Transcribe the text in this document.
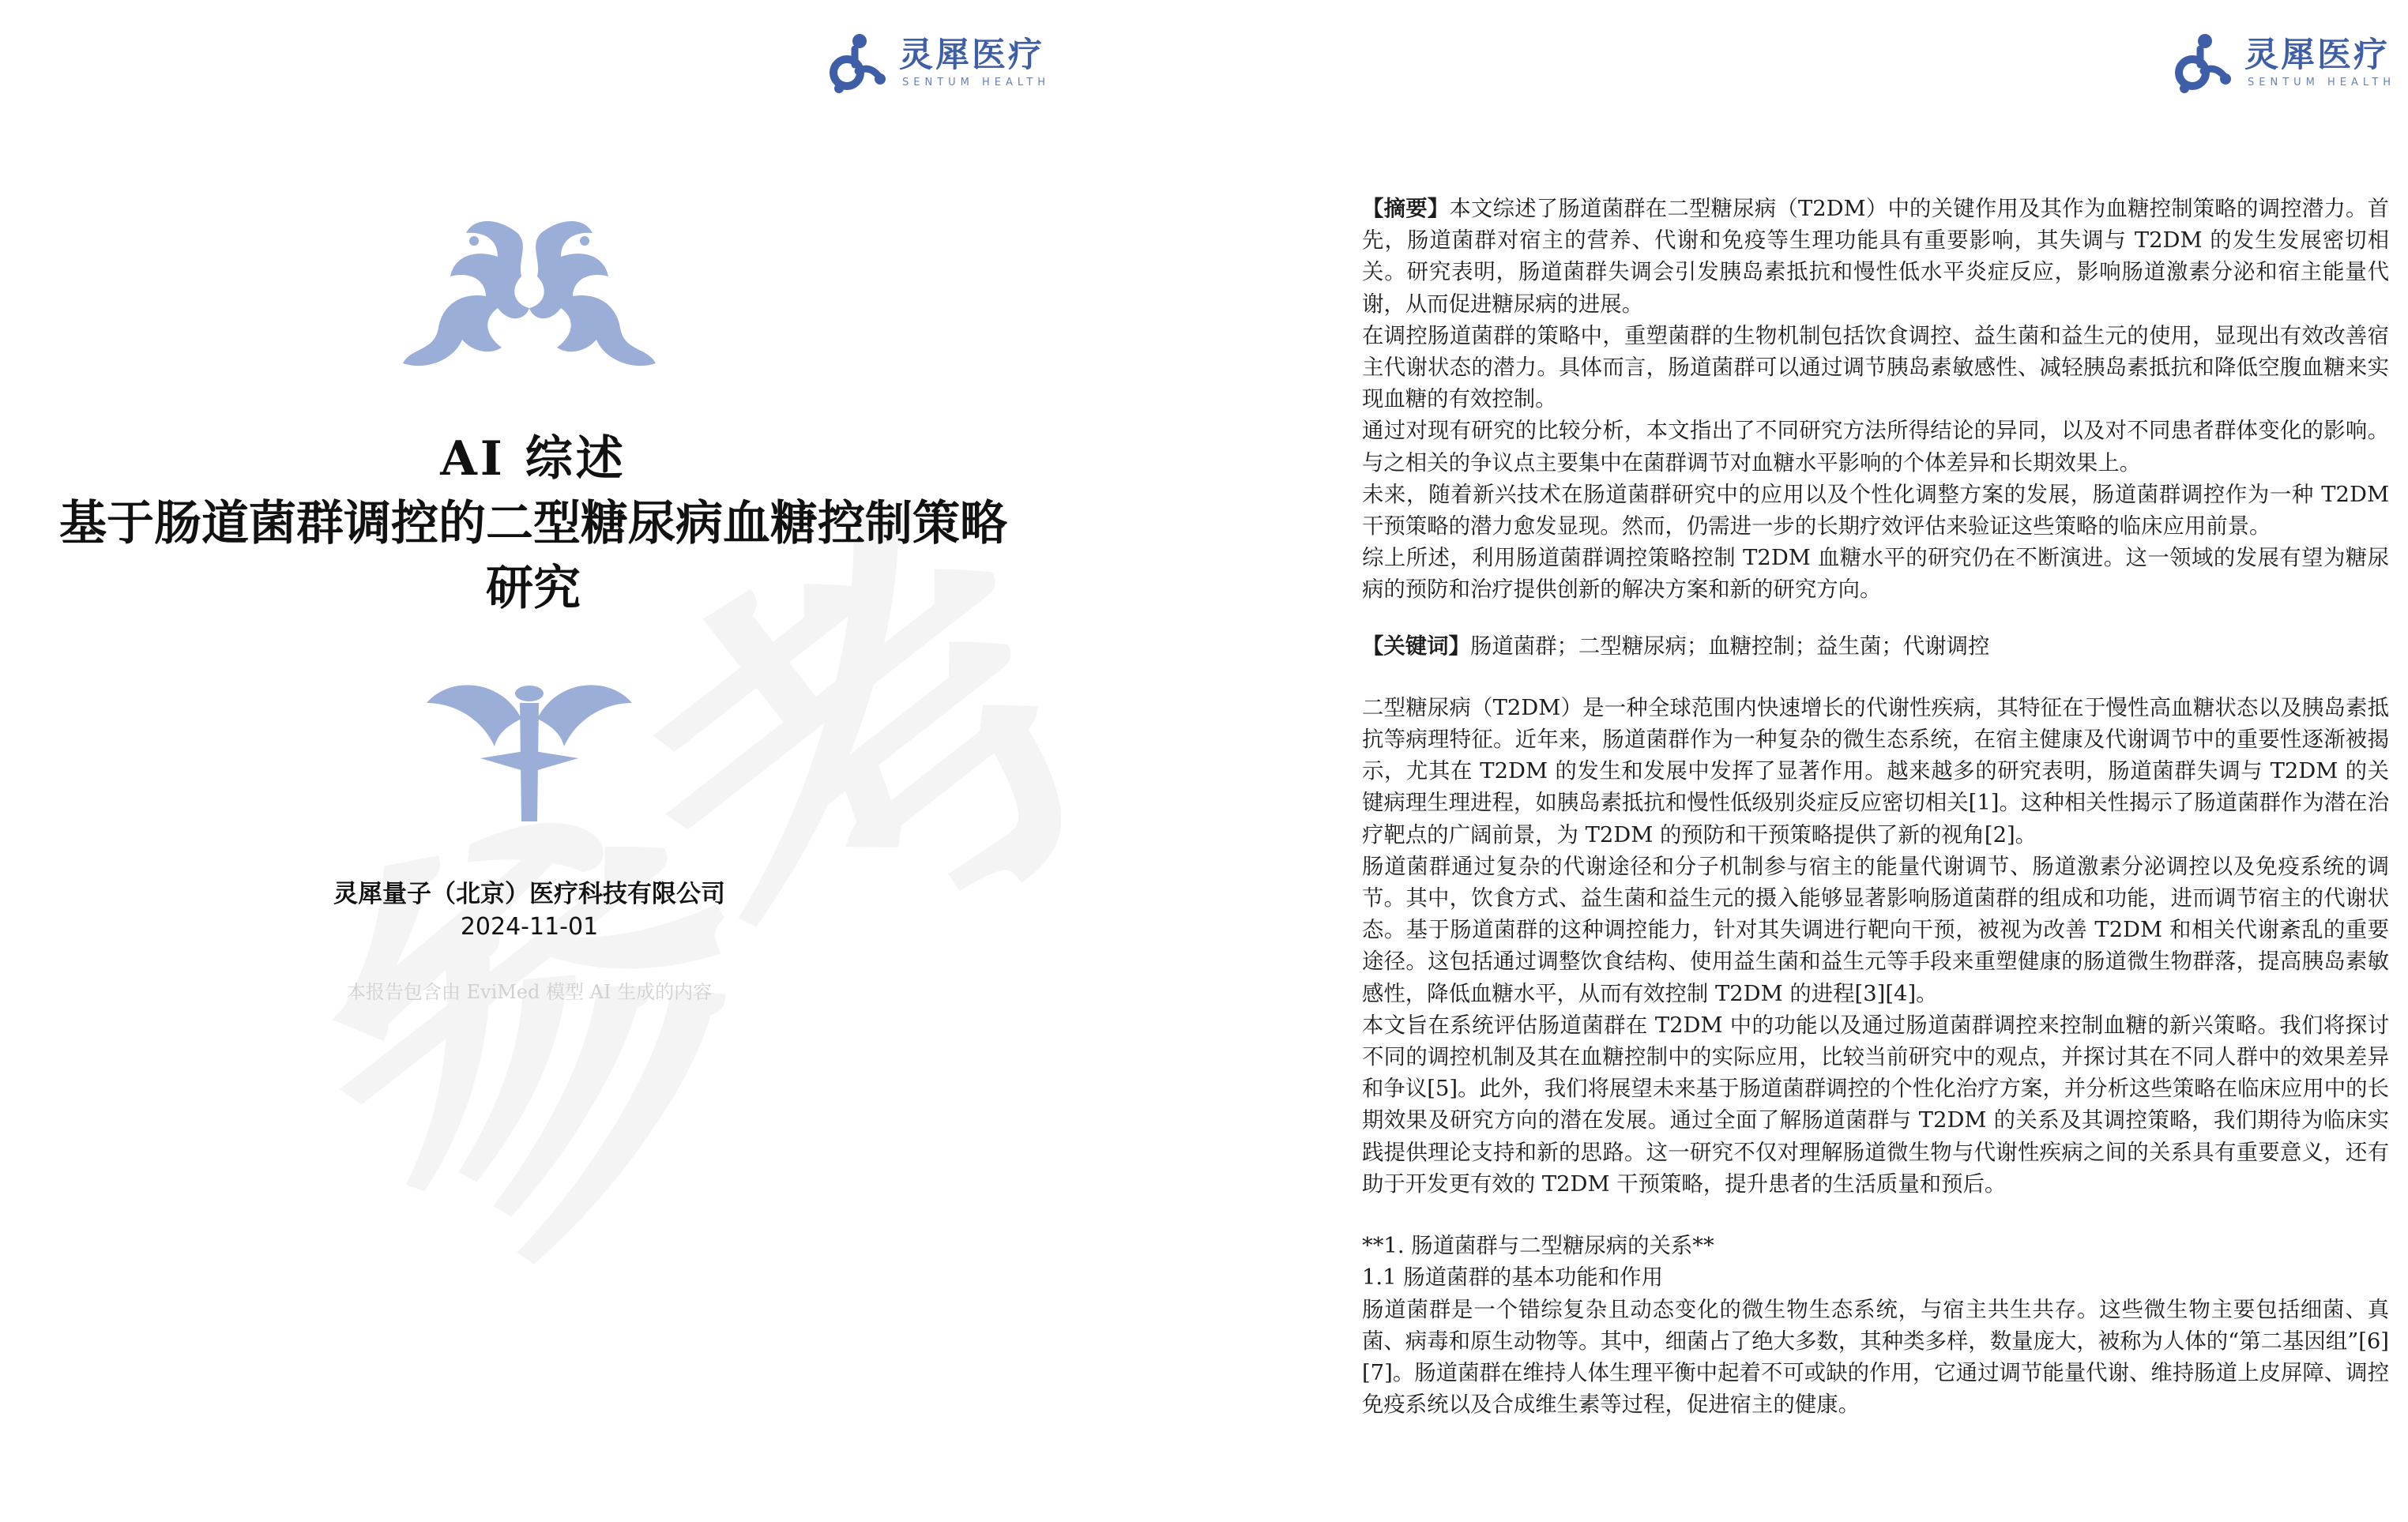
灵犀医疗
SENTUM HEALTH
AI 综述
基于肠道菌群调控的二型糖尿病血糖控制策略
研究
灵犀量子（北京）医疗科技有限公司
2024-11-01
本报告包含由 EviMed 模型 AI 生成的内容
灵犀医疗
SENTUM HEALTH

【摘要】本文综述了肠道菌群在二型糖尿病（T2DM）中的关键作用及其作为血糖控制策略的调控潜力。首先，肠道菌群对宿主的营养、代谢和免疫等生理功能具有重要影响，其失调与 T2DM 的发生发展密切相关。研究表明，肠道菌群失调会引发胰岛素抵抗和慢性低水平炎症反应，影响肠道激素分泌和宿主能量代谢，从而促进糖尿病的进展。

在调控肠道菌群的策略中，重塑菌群的生物机制包括饮食调控、益生菌和益生元的使用，显现出有效改善宿主代谢状态的潜力。具体而言，肠道菌群可以通过调节胰岛素敏感性、减轻胰岛素抵抗和降低空腹血糖来实现血糖的有效控制。

通过对现有研究的比较分析，本文指出了不同研究方法所得结论的异同，以及对不同患者群体变化的影响。与之相关的争议点主要集中在菌群调节对血糖水平影响的个体差异和长期效果上。

未来，随着新兴技术在肠道菌群研究中的应用以及个性化调整方案的发展，肠道菌群调控作为一种 T2DM 干预策略的潜力愈发显现。然而，仍需进一步的长期疗效评估来验证这些策略的临床应用前景。

综上所述，利用肠道菌群调控策略控制 T2DM 血糖水平的研究仍在不断演进。这一领域的发展有望为糖尿病的预防和治疗提供创新的解决方案和新的研究方向。

【关键词】肠道菌群；二型糖尿病；血糖控制；益生菌；代谢调控

二型糖尿病（T2DM）是一种全球范围内快速增长的代谢性疾病，其特征在于慢性高血糖状态以及胰岛素抵抗等病理特征。近年来，肠道菌群作为一种复杂的微生态系统，在宿主健康及代谢调节中的重要性逐渐被揭示，尤其在 T2DM 的发生和发展中发挥了显著作用。越来越多的研究表明，肠道菌群失调与 T2DM 的关键病理生理进程，如胰岛素抵抗和慢性低级别炎症反应密切相关[1]。这种相关性揭示了肠道菌群作为潜在治疗靶点的广阔前景，为 T2DM 的预防和干预策略提供了新的视角[2]。

肠道菌群通过复杂的代谢途径和分子机制参与宿主的能量代谢调节、肠道激素分泌调控以及免疫系统的调节。其中，饮食方式、益生菌和益生元的摄入能够显著影响肠道菌群的组成和功能，进而调节宿主的代谢状态。基于肠道菌群的这种调控能力，针对其失调进行靶向干预，被视为改善 T2DM 和相关代谢紊乱的重要途径。这包括通过调整饮食结构、使用益生菌和益生元等手段来重塑健康的肠道微生物群落，提高胰岛素敏感性，降低血糖水平，从而有效控制 T2DM 的进程[3][4]。

本文旨在系统评估肠道菌群在 T2DM 中的功能以及通过肠道菌群调控来控制血糖的新兴策略。我们将探讨不同的调控机制及其在血糖控制中的实际应用，比较当前研究中的观点，并探讨其在不同人群中的效果差异和争议[5]。此外，我们将展望未来基于肠道菌群调控的个性化治疗方案，并分析这些策略在临床应用中的长期效果及研究方向的潜在发展。通过全面了解肠道菌群与 T2DM 的关系及其调控策略，我们期待为临床实践提供理论支持和新的思路。这一研究不仅对理解肠道微生物与代谢性疾病之间的关系具有重要意义，还有助于开发更有效的 T2DM 干预策略，提升患者的生活质量和预后。

**1. 肠道菌群与二型糖尿病的关系**

1.1 肠道菌群的基本功能和作用

肠道菌群是一个错综复杂且动态变化的微生物生态系统，与宿主共生共存。这些微生物主要包括细菌、真菌、病毒和原生动物等。其中，细菌占了绝大多数，其种类多样，数量庞大，被称为人体的“第二基因组”[6][7]。肠道菌群在维持人体生理平衡中起着不可或缺的作用，它通过调节能量代谢、维持肠道上皮屏障、调控免疫系统以及合成维生素等过程，促进宿主的健康。
